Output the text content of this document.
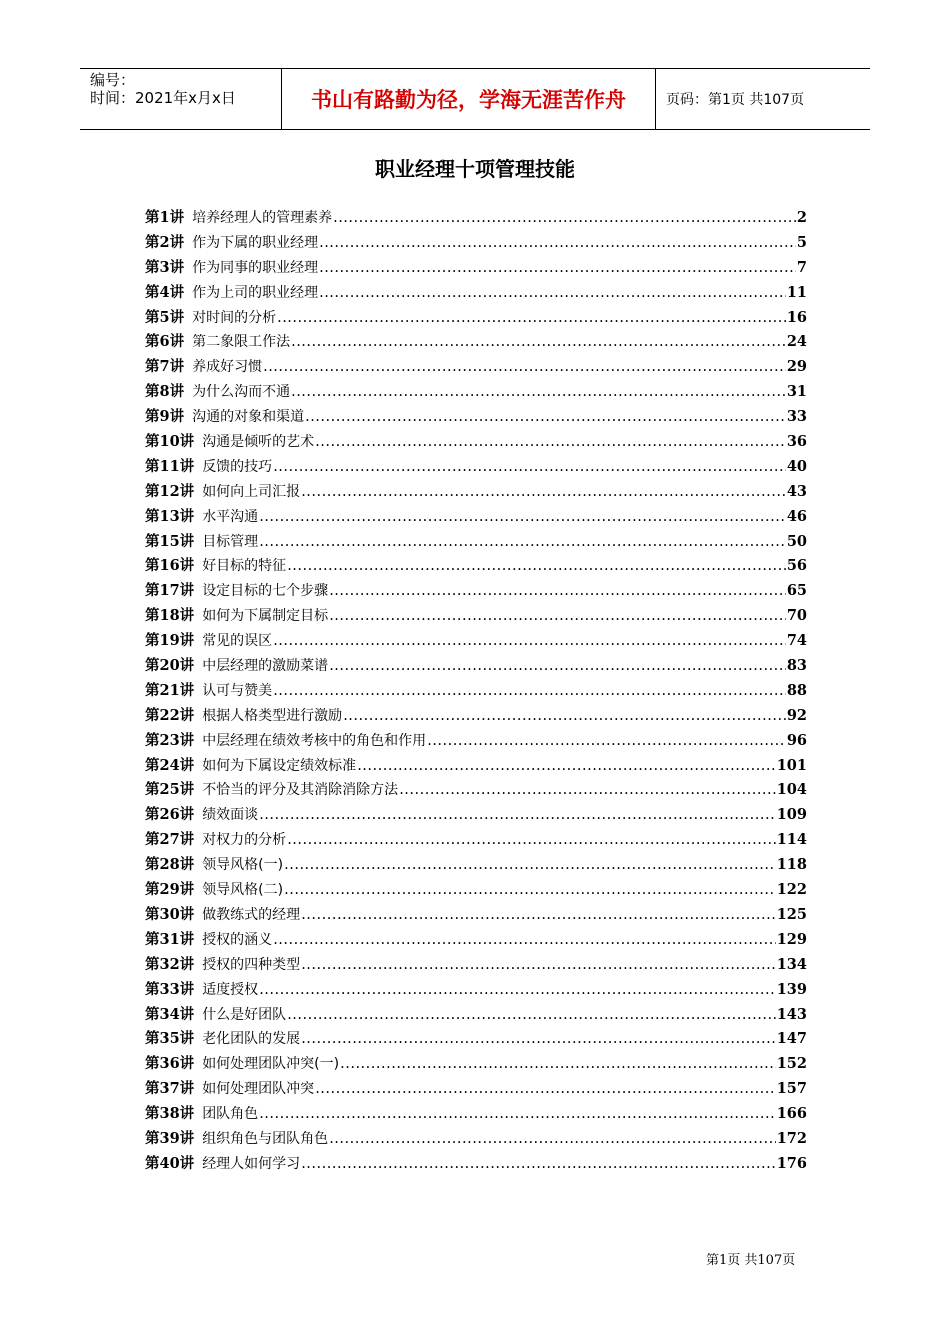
编号：
时间：2021年x月x日	书山有路勤为径，学海无涯苦作舟	页码：第1页 共107页
职业经理十项管理技能
第1讲 培养经理人的管理素养 .....	2
第2讲 作为下属的职业经理 .....	5
第3讲 作为同事的职业经理 .....	7
第4讲 作为上司的职业经理 .....	11
第5讲 对时间的分析 .....	16
第6讲 第二象限工作法 .....	24
第7讲 养成好习惯 .....	29
第8讲 为什么沟而不通 .....	31
第9讲 沟通的对象和渠道 .....	33
第10讲 沟通是倾听的艺术 .....	36
第11讲 反馈的技巧 .....	40
第12讲 如何向上司汇报 .....	43
第13讲 水平沟通 .....	46
第15讲 目标管理 .....	50
第16讲 好目标的特征 .....	56
第17讲 设定目标的七个步骤 .....	65
第18讲 如何为下属制定目标 .....	70
第19讲 常见的误区 .....	74
第20讲 中层经理的激励菜谱 .....	83
第21讲 认可与赞美 .....	88
第22讲 根据人格类型进行激励 .....	92
第23讲 中层经理在绩效考核中的角色和作用 .....	96
第24讲 如何为下属设定绩效标准 .....	101
第25讲 不恰当的评分及其消除消除方法 .....	104
第26讲 绩效面谈 .....	109
第27讲 对权力的分析 .....	114
第28讲 领导风格(一) .....	118
第29讲 领导风格(二) .....	122
第30讲 做教练式的经理 .....	125
第31讲 授权的涵义 .....	129
第32讲 授权的四种类型 .....	134
第33讲 适度授权 .....	139
第34讲 什么是好团队 .....	143
第35讲 老化团队的发展 .....	147
第36讲 如何处理团队冲突(一) .....	152
第37讲 如何处理团队冲突 .....	157
第38讲 团队角色 .....	166
第39讲 组织角色与团队角色 .....	172
第40讲 经理人如何学习 .....	176
第1页 共107页
